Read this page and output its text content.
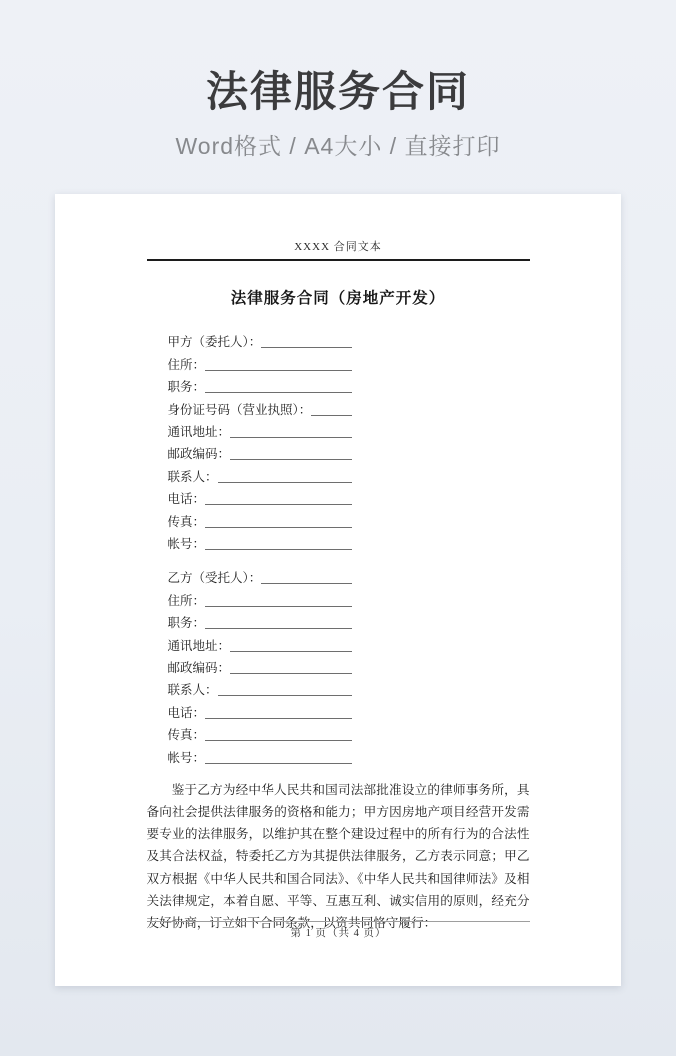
法律服务合同

Word格式 / A4大小 / 直接打印

XXXX 合同文本
法律服务合同（房地产开发）
甲方（委托人）：
住所：
职务：
身份证号码（营业执照）：
通讯地址：
邮政编码：
联系人：
电话：
传真：
帐号：
乙方（受托人）：
住所：
职务：
通讯地址：
邮政编码：
联系人：
电话：
传真：
帐号：

鉴于乙方为经中华人民共和国司法部批准设立的律师事务所，具备向社会提供法律服务的资格和能力；甲方因房地产项目经营开发需要专业的法律服务，以维护其在整个建设过程中的所有行为的合法性及其合法权益，特委托乙方为其提供法律服务，乙方表示同意；甲乙双方根据《中华人民共和国合同法》、《中华人民共和国律师法》及相关法律规定，本着自愿、平等、互惠互利、诚实信用的原则，经充分友好协商，订立如下合同条款，以资共同恪守履行：

第 1 页（共 4 页）
